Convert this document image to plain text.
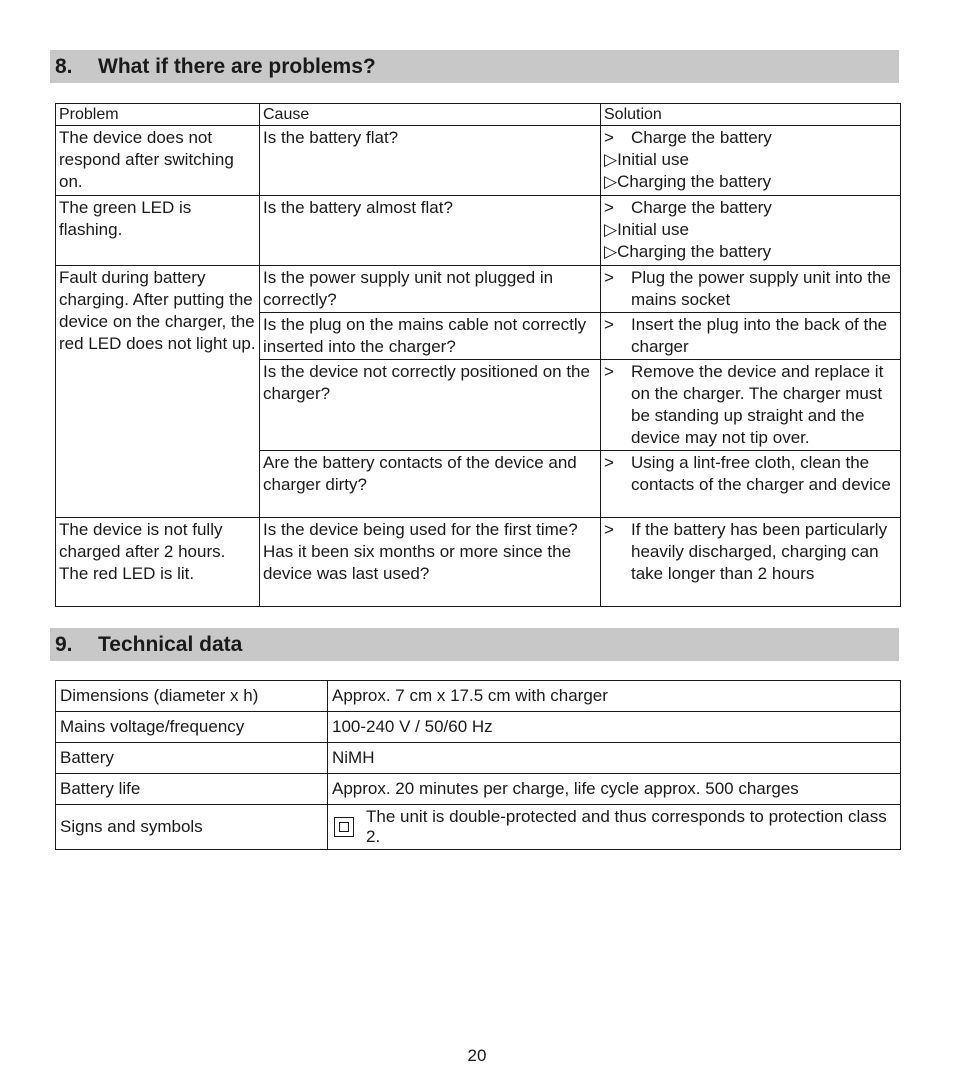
8. What if there are problems?
Problem	Cause	Solution
The device does not respond after switching on.	Is the battery flat?	> Charge the battery
▷Initial use
▷Charging the battery

The green LED is flashing.	Is the battery almost flat?	> Charge the battery
▷Initial use
▷Charging the battery

Fault during battery charging. After putting the device on the charger, the red LED does not light up.	Is the power supply unit not plugged in correctly?	> Plug the power supply unit into the mains socket
	Is the plug on the mains cable not correctly inserted into the charger?	> Insert the plug into the back of the charger
	Is the device not correctly positioned on the charger?	> Remove the device and replace it on the charger. The charger must be standing up straight and the device may not tip over.
	Are the battery contacts of the device and charger dirty?	> Using a lint-free cloth, clean the contacts of the charger and device
The device is not fully charged after 2 hours. The red LED is lit.	Is the device being used for the first time? Has it been six months or more since the device was last used?	> If the battery has been particularly heavily discharged, charging can take longer than 2 hours
9. Technical data
Dimensions (diameter x h)	Approx. 7 cm x 17.5 cm with charger
Mains voltage/frequency	100-240 V / 50/60 Hz
Battery	NiMH
Battery life	Approx. 20 minutes per charge, life cycle approx. 500 charges
Signs and symbols	The unit is double-protected and thus corresponds to protection class 2.
20
